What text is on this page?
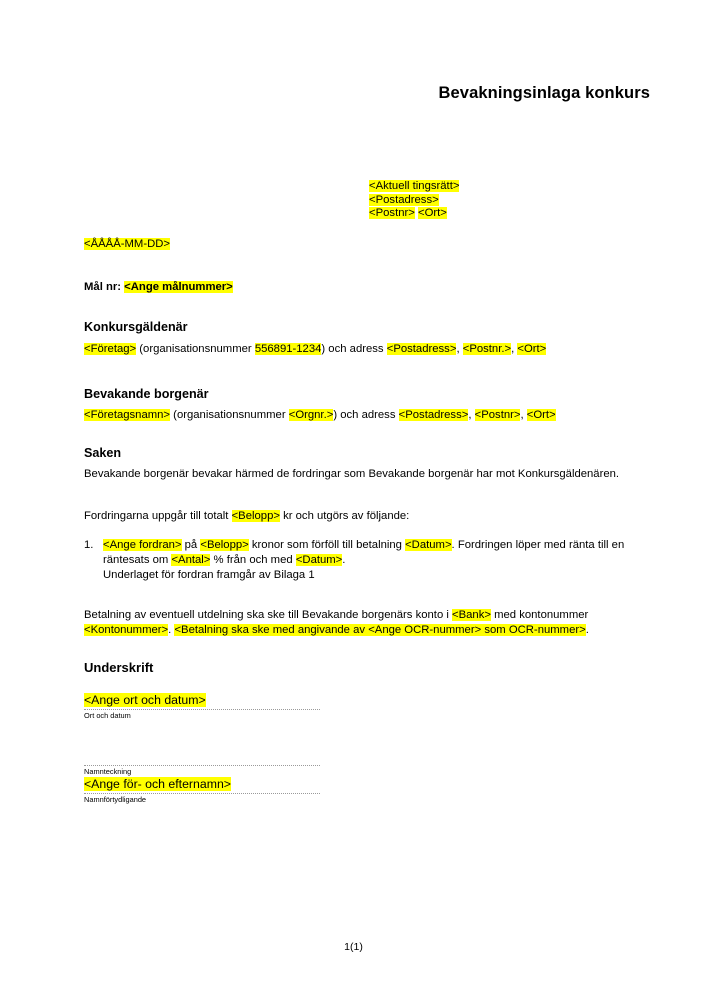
Bevakningsinlaga konkurs
<Aktuell tingsrätt>
<Postadress>
<Postnr> <Ort>
<ÅÅÅÅ-MM-DD>
Mål nr: <Ange målnummer>
Konkursgäldenär
<Företag> (organisationsnummer 556891-1234) och adress <Postadress>, <Postnr.>, <Ort>
Bevakande borgenär
<Företagsnamn> (organisationsnummer <Orgnr.>) och adress <Postadress>, <Postnr>, <Ort>
Saken
Bevakande borgenär bevakar härmed de fordringar som Bevakande borgenär har mot Konkursgäldenären.
Fordringarna uppgår till totalt <Belopp> kr och utgörs av följande:
1. <Ange fordran> på <Belopp> kronor som förföll till betalning <Datum>. Fordringen löper med ränta till en räntesats om <Antal> % från och med <Datum>.
Underlaget för fordran framgår av Bilaga 1
Betalning av eventuell utdelning ska ske till Bevakande borgenärs konto i <Bank> med kontonummer <Kontonummer>. <Betalning ska ske med angivande av <Ange OCR-nummer> som OCR-nummer>.
Underskrift
<Ange ort och datum>
Ort och datum
Namnteckning
<Ange för- och efternamn>
Namnförtydligande
1(1)
